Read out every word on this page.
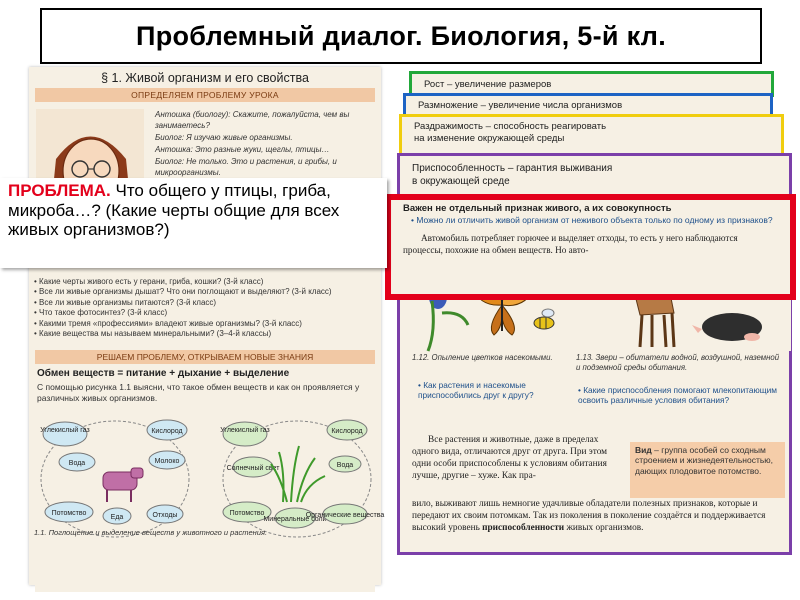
Проблемный диалог. Биология, 5-й кл.
§ 1. Живой организм и его свойства
ОПРЕДЕЛЯЕМ ПРОБЛЕМУ УРОКА

Антошка (биологу): Скажите, пожалуйста, чем вы занимаетесь?

Биолог: Я изучаю живые организмы.

Антошка: Это разные жуки, щеглы, птицы…

Биолог: Не только. Это и растения, и грибы, и микроорганизмы.

• Какие черты живого есть у герани, гриба, кошки? (3-й класс)
• Все ли живые организмы дышат? Что они поглощают и выделяют? (3-й класс)
• Все ли живые организмы питаются? (3-й класс)
• Что такое фотосинтез? (3-й класс)
• Какими тремя «профессиями» владеют живые организмы? (3-й класс)
• Какие вещества мы называем минеральными? (3–4-й классы)
РЕШАЕМ ПРОБЛЕМУ, ОТКРЫВАЕМ НОВЫЕ ЗНАНИЯ
Обмен веществ = питание + дыхание + выделение
С помощью рисунка 1.1 выясни, что такое обмен веществ и как он проявляется у различных живых организмов.
Углекислый газ	Кислород
Вода	Молоко
Потомство
Еда	Отходы
Углекислый газ	Кислород
Солнечный свет	Вода
Потомство
Минеральные соли
Органические вещества
1.1. Поглощение и выделение веществ у животного и растения.
Рост – увеличение размеров
Размножение – увеличение числа организмов
Раздражимость – способность реагировать
на изменение окружающей среды
Приспособленность – гарантия выживания
в окружающей среде
1.12. Опыление цветков насекомыми.	1.13. Звери – обитатели водной, воздушной, наземной и подземной среды обитания.
• Как растения и насекомые приспособились друг к другу?
• Какие приспособления помогают млекопитающим освоить различные условия обитания?
Все растения и животные, даже в пределах одного вида, отличаются друг от друга. При этом одни особи приспособлены к условиям обитания лучше, другие – хуже. Как пра-
Вид – группа особей со сходным строением и жизнедеятельностью, дающих плодовитое потомство.
вило, выживают лишь немногие удачливые обладатели полезных признаков, которые и передают их своим потомкам. Так из поколения в поколение создаётся и поддерживается высокий уровень приспособленности живых организмов.
Важен не отдельный признак живого, а их совокупность
• Можно ли отличить живой организм от неживого объекта только по одному из признаков?
Автомобиль потребляет горючее и выделяет отходы, то есть у него наблюдаются процессы, похожие на обмен веществ. Но авто-
ПРОБЛЕМА. Что общего у птицы, гриба, микроба…? (Какие черты общие для всех живых организмов?)
